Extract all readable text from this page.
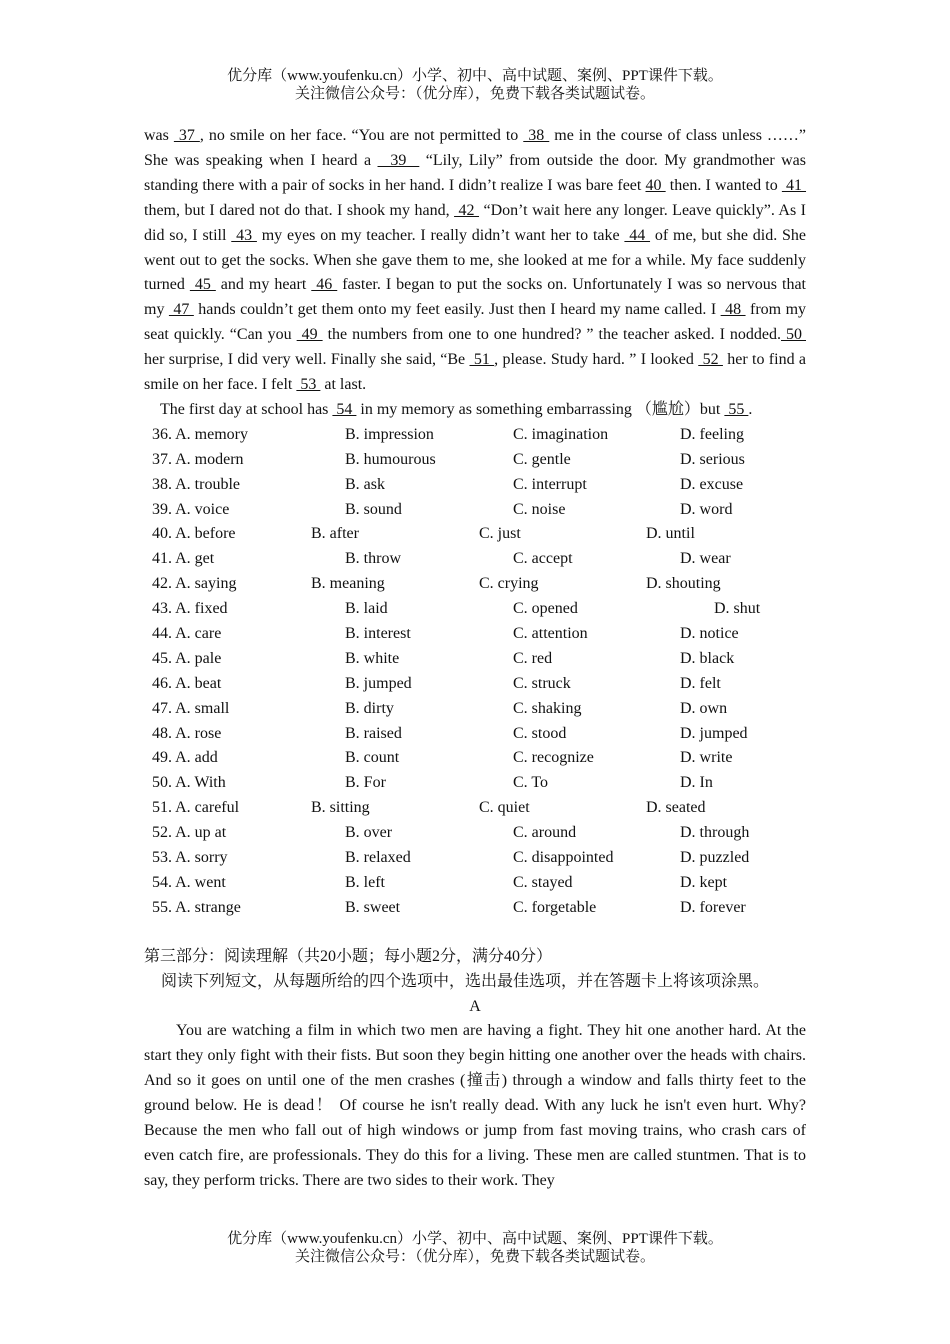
优分库（www.youfenku.cn）小学、初中、高中试题、案例、PPT课件下载。
关注微信公众号：（优分库），免费下载各类试题试卷。

was  37 , no smile on her face. “You are not permitted to  38  me in the course of class unless ……” She was speaking when I heard a   39   “Lily, Lily” from outside the door. My grandmother was standing there with a pair of socks in her hand. I didn’t realize I was bare feet 40  then. I wanted to  41  them, but I dared not do that. I shook my hand,  42  “Don’t wait here any longer. Leave quickly”. As I did so, I still  43  my eyes on my teacher. I really didn’t want her to take  44  of me, but she did. She went out to get the socks. When she gave them to me, she looked at me for a while. My face suddenly turned  45  and my heart  46  faster. I began to put the socks on. Unfortunately I was so nervous that my  47  hands couldn’t get them onto my feet easily. Just then I heard my name called. I  48  from my seat quickly. “Can you  49  the numbers from one to one hundred? ” the teacher asked. I nodded. 50  her surprise, I did very well. Finally she said, “Be  51 , please. Study hard. ” I looked  52  her to find a smile on her face. I felt  53  at last.

The first day at school has  54  in my memory as something embarrassing （尴尬）but  55 .

36. A. memory	B. impression	C. imagination	D. feeling
37. A. modern	B. humourous	C. gentle	D. serious
38. A. trouble	B. ask	C. interrupt	D. excuse
39. A. voice	B. sound	C. noise	D. word
40. A. before	B. after	C. just	D. until
41. A. get	B. throw	C. accept	D. wear
42. A. saying	B. meaning	C. crying	D. shouting
43. A. fixed	B. laid	C. opened	D. shut
44. A. care	B. interest	C. attention	D. notice
45. A. pale	B. white	C. red	D. black
46. A. beat	B. jumped	C. struck	D. felt
47. A. small	B. dirty	C. shaking	D. own
48. A. rose	B. raised	C. stood	D. jumped
49. A. add	B. count	C. recognize	D. write
50. A. With	B. For	C. To	D. In
51. A. careful	B. sitting	C. quiet	D. seated
52. A. up at	B. over	C. around	D. through
53. A. sorry	B. relaxed	C. disappointed	D. puzzled
54. A. went	B. left	C. stayed	D. kept
55. A. strange	B. sweet	C. forgetable	D. forever
第三部分：阅读理解（共20小题；每小题2分，满分40分）
阅读下列短文，从每题所给的四个选项中，选出最佳选项，并在答题卡上将该项涂黑。
A

You are watching a film in which two men are having a fight. They hit one another hard. At the start they only fight with their fists. But soon they begin hitting one another over the heads with chairs. And so it goes on until one of the men crashes (撞击) through a window and falls thirty feet to the ground below. He is dead！ Of course he isn't really dead. With any luck he isn't even hurt. Why? Because the men who fall out of high windows or jump from fast moving trains, who crash cars of even catch fire, are professionals. They do this for a living. These men are called stuntmen. That is to say, they perform tricks. There are two sides to their work. They

优分库（www.youfenku.cn）小学、初中、高中试题、案例、PPT课件下载。
关注微信公众号：（优分库），免费下载各类试题试卷。
